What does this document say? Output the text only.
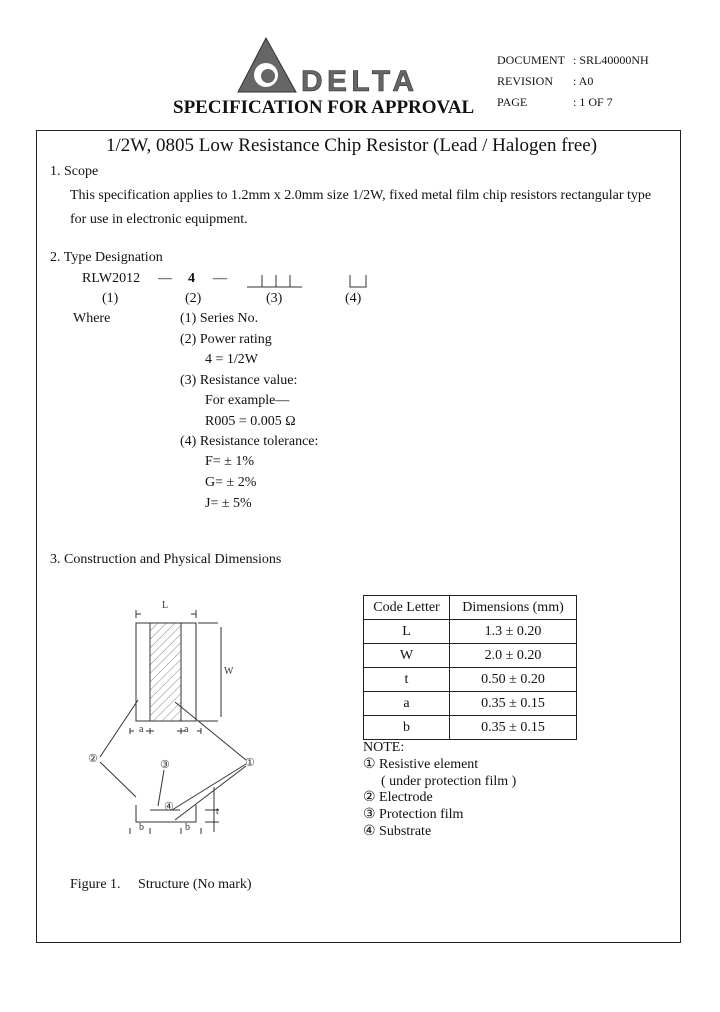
DELTA
SPECIFICATION FOR APPROVAL
DOCUMENT : SRL40000NH
REVISION : A0
PAGE	: 1 OF 7
1/2W, 0805 Low Resistance Chip Resistor (Lead / Halogen free)
1. Scope
This specification applies to 1.2mm x 2.0mm size 1/2W, fixed metal film chip resistors rectangular type
for use in electronic equipment.
2. Type Designation
RLW2012 — 4 —
(1)	(2)	(3)	(4)
Where	(1) Series No.
(2) Power rating
4 = 1/2W
(3) Resistance value:
For example—
R005 = 0.005 Ω
(4) Resistance tolerance:
F= ± 1%
G= ± 2%
J= ± 5%
3. Construction and Physical Dimensions
L
W
a	a
②	①
③
④	t
b	b
Code Letter	Dimensions (mm)
L	1.3 ± 0.20
W	2.0 ± 0.20
t	0.50 ± 0.20
a	0.35 ± 0.15
b	0.35 ± 0.15
NOTE:
① Resistive element
( under protection film )
② Electrode
③ Protection film
④ Substrate
Figure 1.     Structure (No mark)
